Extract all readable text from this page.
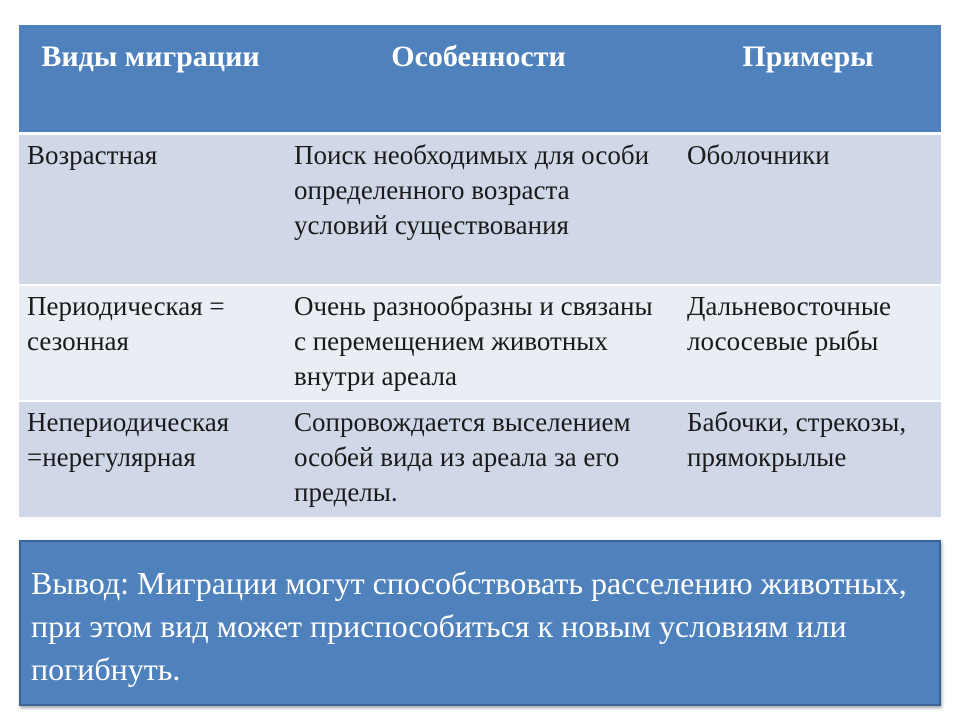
Виды миграции	Особенности	Примеры
Возрастная	Поиск необходимых для особи определенного возраста условий существования	Оболочники
Периодическая = сезонная	Очень разнообразны и связаны с перемещением животных внутри ареала	Дальневосточные лососевые рыбы
Непериодическая =нерегулярная	Сопровождается выселением особей вида из ареала за его пределы.	Бабочки, стрекозы, прямокрылые
Вывод: Миграции могут способствовать расселению животных, при этом вид может приспособиться к новым условиям или погибнуть.
